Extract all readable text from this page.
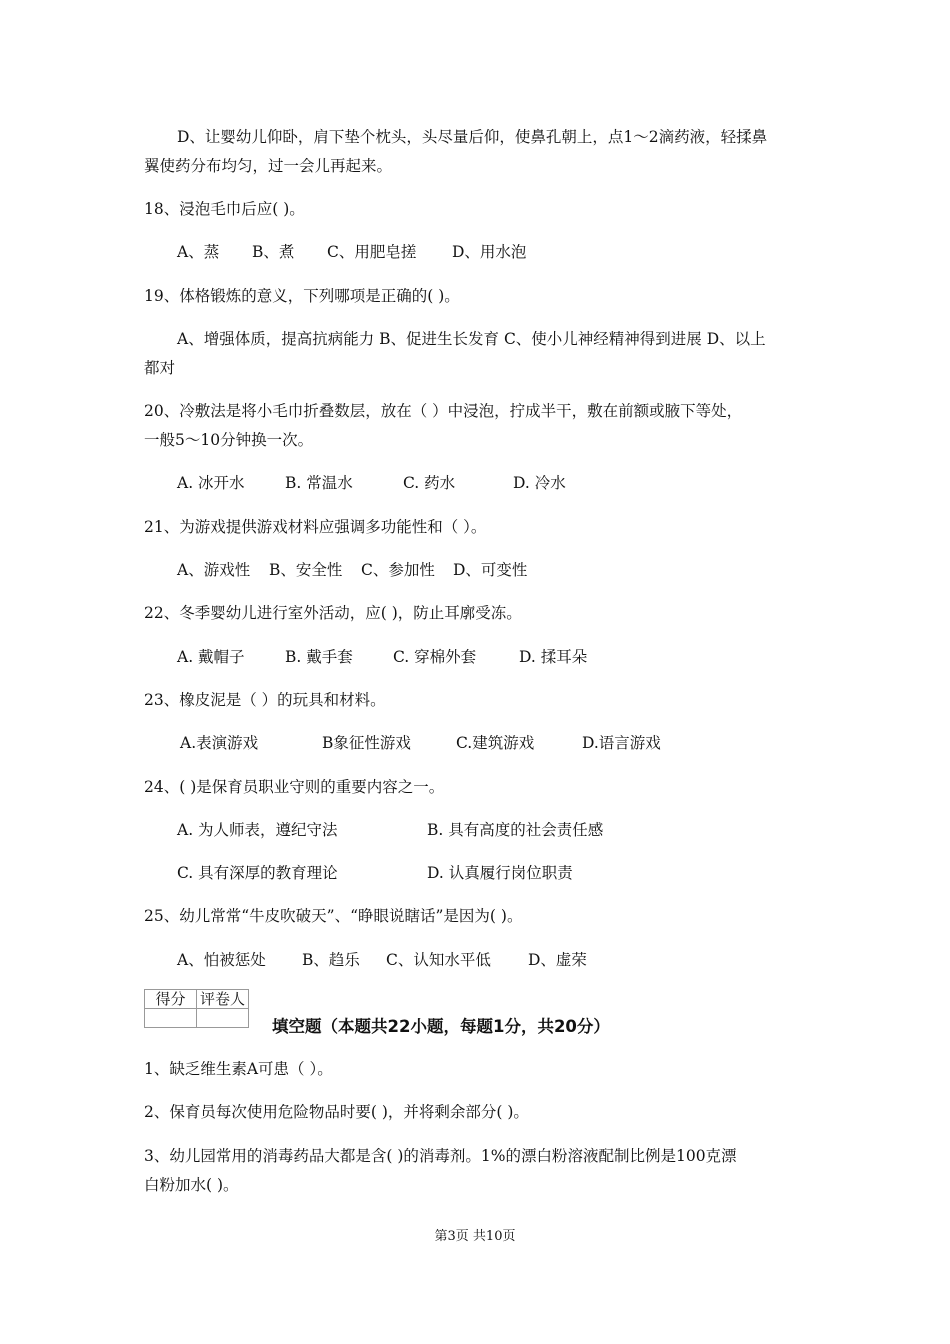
D、让婴幼儿仰卧，肩下垫个枕头，头尽量后仰，使鼻孔朝上，点1～2滴药液，轻揉鼻
翼使药分布均匀，过一会儿再起来。
18、浸泡毛巾后应( )。
A、蒸 B、煮 C、用肥皂搓 D、用水泡
19、体格锻炼的意义，下列哪项是正确的( )。
A、增强体质，提高抗病能力 B、促进生长发育 C、使小儿神经精神得到进展 D、以上
都对
20、冷敷法是将小毛巾折叠数层，放在（ ）中浸泡，拧成半干，敷在前额或腋下等处，
一般5～10分钟换一次。
A. 冰开水	B. 常温水	C. 药水	D. 冷水
21、为游戏提供游戏材料应强调多功能性和（ ）。
A、游戏性 B、安全性 C、参加性 D、可变性
22、冬季婴幼儿进行室外活动，应( )，防止耳廓受冻。
A. 戴帽子	B. 戴手套	C. 穿棉外套	D. 揉耳朵
23、橡皮泥是（ ）的玩具和材料。
A.表演游戏	B象征性游戏	C.建筑游戏	D.语言游戏
24、( )是保育员职业守则的重要内容之一。
A. 为人师表，遵纪守法	B. 具有高度的社会责任感
C. 具有深厚的教育理论	D. 认真履行岗位职责
25、幼儿常常“牛皮吹破天”、“睁眼说瞎话”是因为( )。
A、怕被惩处 B、趋乐 C、认知水平低 D、虚荣
得分	评卷人

填空题（本题共22小题，每题1分，共20分）
1、缺乏维生素A可患（ ）。
2、保育员每次使用危险物品时要( )，并将剩余部分( )。
3、幼儿园常用的消毒药品大都是含( )的消毒剂。1%的漂白粉溶液配制比例是100克漂
白粉加水( )。
第3页 共10页
